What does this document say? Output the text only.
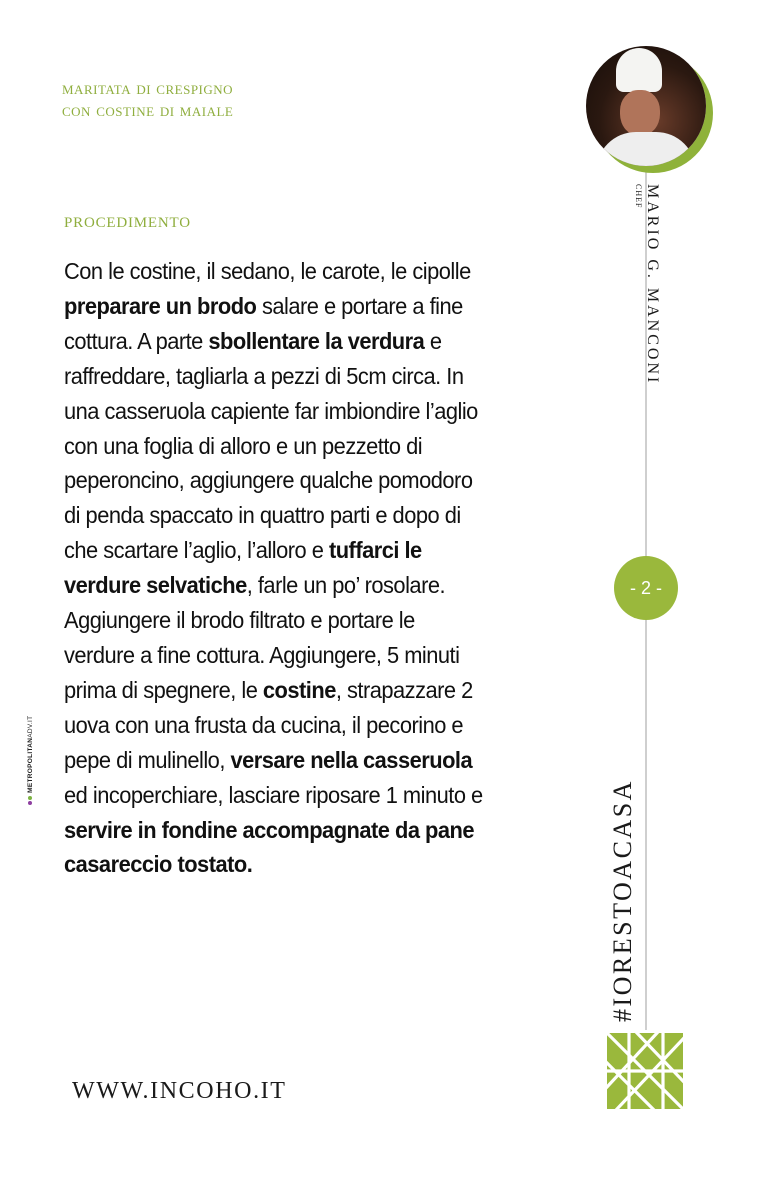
maritata di crespigno
con costine di maiale
procedimento

Con le costine, il sedano, le carote, le cipolle
preparare un brodo salare e portare a fine
cottura. A parte sbollentare la verdura e
raffreddare, tagliarla a pezzi di 5cm circa. In
una casseruola capiente far imbiondire l’aglio
con una foglia di alloro e un pezzetto di
peperoncino, aggiungere qualche pomodoro
di penda spaccato in quattro parti e dopo di
che scartare l’aglio, l’alloro e tuffarci le
verdure selvatiche, farle un po’ rosolare.
Aggiungere il brodo filtrato e portare le
verdure a fine cottura. Aggiungere, 5 minuti
prima di spegnere, le costine, strapazzare 2
uova con una frusta da cucina, il pecorino e
pepe di mulinello, versare nella casseruola
ed incoperchiare, lasciare riposare 1 minuto e
servire in fondine accompagnate da pane
casareccio tostato.

WWW.INCOHO.IT
MARIO G. MANCONI
CHEF
- 2 -
#IORESTOACASA
METROPOLITANADV.IT
